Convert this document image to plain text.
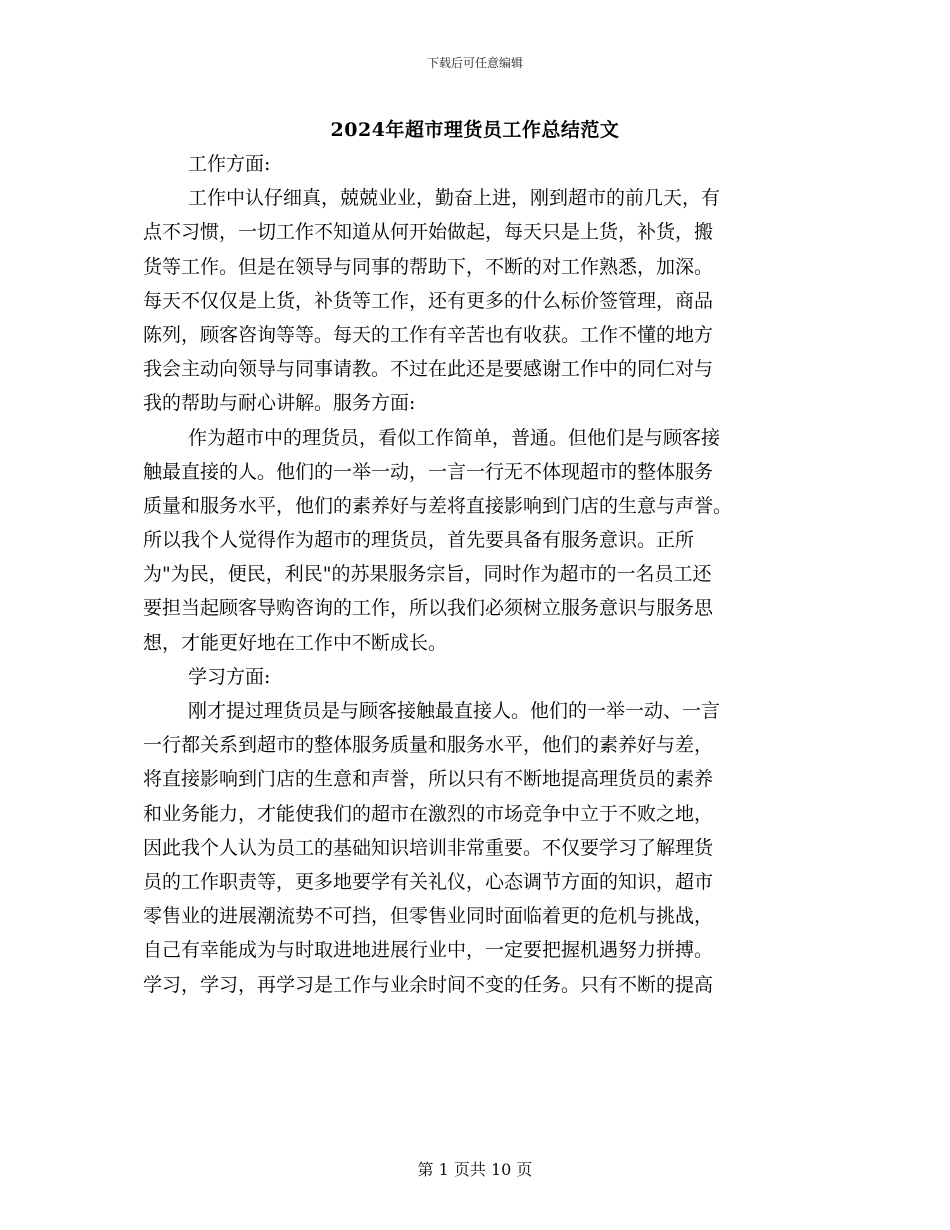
下载后可任意编辑
2024年超市理货员工作总结范文
工作方面:
工作中认仔细真，兢兢业业，勤奋上进，刚到超市的前几天，有
点不习惯，一切工作不知道从何开始做起，每天只是上货，补货，搬
货等工作。但是在领导与同事的帮助下，不断的对工作熟悉，加深。
每天不仅仅是上货，补货等工作，还有更多的什么标价签管理，商品
陈列，顾客咨询等等。每天的工作有辛苦也有收获。工作不懂的地方
我会主动向领导与同事请教。不过在此还是要感谢工作中的同仁对与
我的帮助与耐心讲解。服务方面:
作为超市中的理货员，看似工作简单，普通。但他们是与顾客接
触最直接的人。他们的一举一动，一言一行无不体现超市的整体服务
质量和服务水平，他们的素养好与差将直接影响到门店的生意与声誉。
所以我个人觉得作为超市的理货员，首先要具备有服务意识。正所
为"为民，便民，利民"的苏果服务宗旨，同时作为超市的一名员工还
要担当起顾客导购咨询的工作，所以我们必须树立服务意识与服务思
想，才能更好地在工作中不断成长。
学习方面:
刚才提过理货员是与顾客接触最直接人。他们的一举一动、一言
一行都关系到超市的整体服务质量和服务水平，他们的素养好与差，
将直接影响到门店的生意和声誉，所以只有不断地提高理货员的素养
和业务能力，才能使我们的超市在激烈的市场竞争中立于不败之地，
因此我个人认为员工的基础知识培训非常重要。不仅要学习了解理货
员的工作职责等，更多地要学有关礼仪，心态调节方面的知识，超市
零售业的进展潮流势不可挡，但零售业同时面临着更的危机与挑战，
自己有幸能成为与时取进地进展行业中，一定要把握机遇努力拼搏。
学习，学习，再学习是工作与业余时间不变的任务。只有不断的提高
第 1 页共 10 页
